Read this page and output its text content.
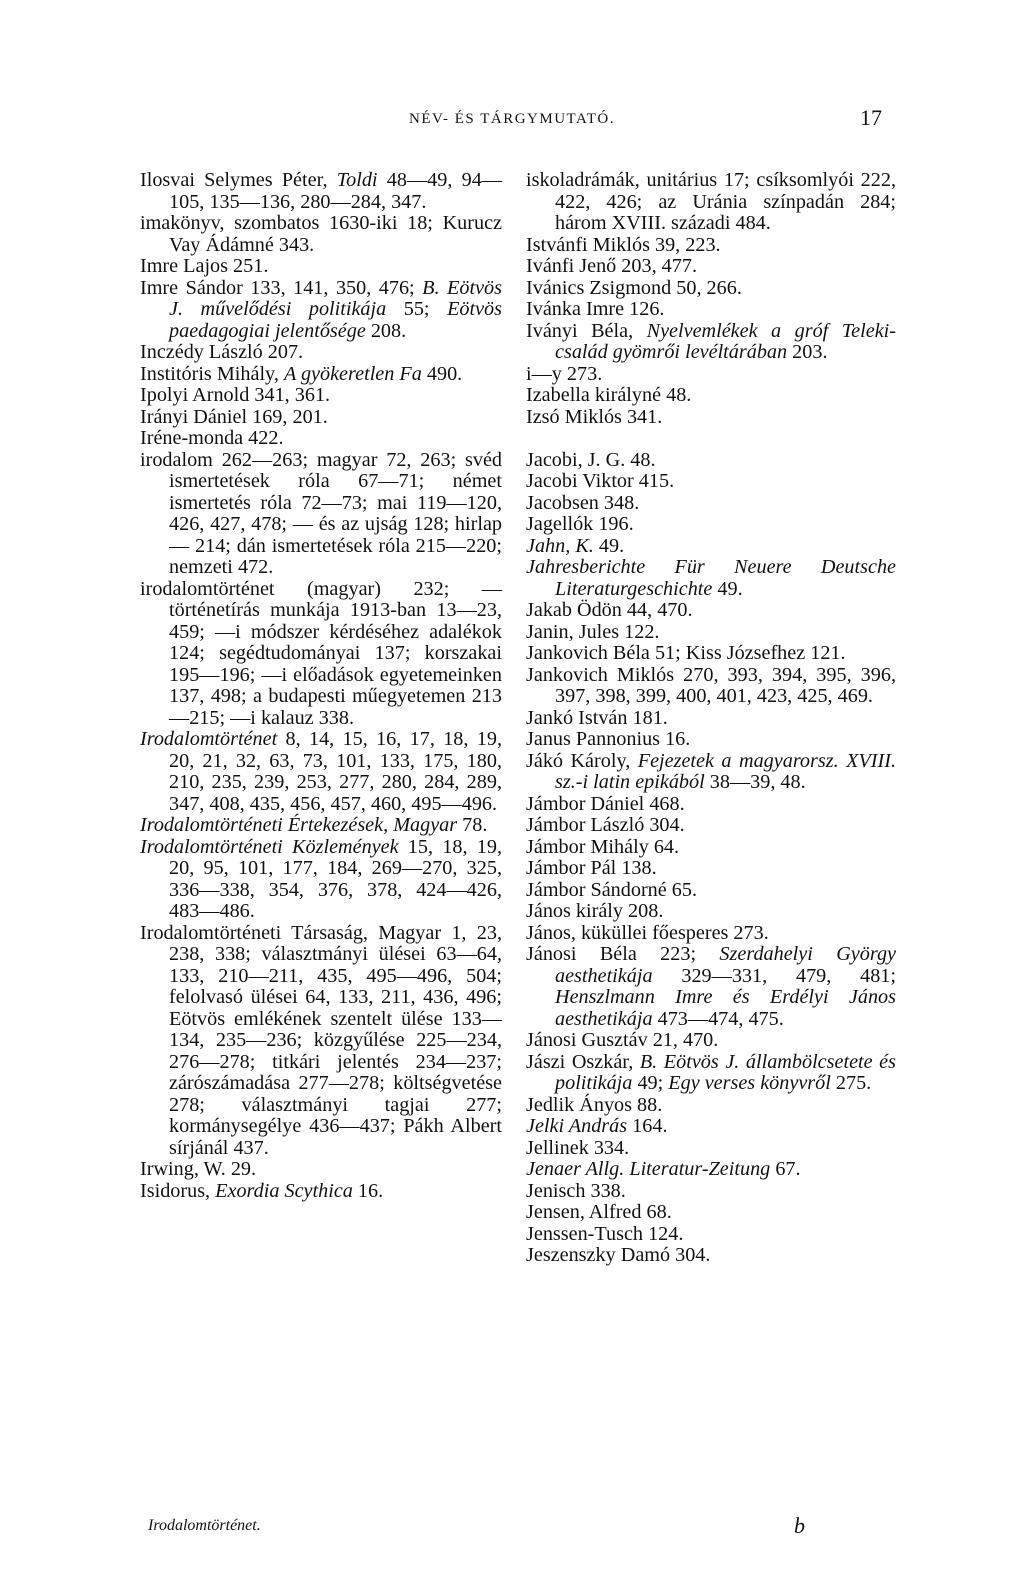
NÉV- ÉS TÁRGYMUTATÓ.	17

Ilosvai Selymes Péter, Toldi 48—49, 94—105, 135—136, 280—284, 347.

imakönyv, szombatos 1630-iki 18; Kurucz Vay Ádámné 343.

Imre Lajos 251.

Imre Sándor 133, 141, 350, 476; B. Eötvös J. művelődési politikája 55; Eötvös paedagogiai jelentősége 208.

Inczédy László 207.

Institóris Mihály, A gyökeretlen Fa 490.

Ipolyi Arnold 341, 361.

Irányi Dániel 169, 201.

Iréne-monda 422.

irodalom 262—263; magyar 72, 263; svéd ismertetések róla 67—71; német ismertetés róla 72—73; mai 119—120, 426, 427, 478; — és az ujság 128; hirlap — 214; dán ismertetések róla 215—220; nemzeti 472.

irodalomtörténet (magyar) 232; — történetírás munkája 1913-ban 13—23, 459; —i módszer kérdéséhez adalékok 124; segédtudományai 137; korszakai 195—196; —i előadások egyetemeinken 137, 498; a budapesti műegyetemen 213—215; —i kalauz 338.

Irodalomtörténet 8, 14, 15, 16, 17, 18, 19, 20, 21, 32, 63, 73, 101, 133, 175, 180, 210, 235, 239, 253, 277, 280, 284, 289, 347, 408, 435, 456, 457, 460, 495—496.

Irodalomtörténeti Értekezések, Magyar 78.

Irodalomtörténeti Közlemények 15, 18, 19, 20, 95, 101, 177, 184, 269—270, 325, 336—338, 354, 376, 378, 424—426, 483—486.

Irodalomtörténeti Társaság, Magyar 1, 23, 238, 338; választmányi ülései 63—64, 133, 210—211, 435, 495—496, 504; felolvasó ülései 64, 133, 211, 436, 496; Eötvös emlékének szentelt ülése 133—134, 235—236; közgyűlése 225—234, 276—278; titkári jelentés 234—237; zárószámadása 277—278; költségvetése 278; választmányi tagjai 277; kormánysegélye 436—437; Pákh Albert sírjánál 437.

Irwing, W. 29.

Isidorus, Exordia Scythica 16.

iskoladrámák, unitárius 17; csíksomlyói 222, 422, 426; az Uránia színpadán 284; három XVIII. századi 484.

Istvánfi Miklós 39, 223.

Ivánfi Jenő 203, 477.

Ivánics Zsigmond 50, 266.

Ivánka Imre 126.

Iványi Béla, Nyelvemlékek a gróf Teleki-család gyömrői levéltárában 203.

i—y 273.

Izabella királyné 48.

Izsó Miklós 341.

Jacobi, J. G. 48.

Jacobi Viktor 415.

Jacobsen 348.

Jagellók 196.

Jahn, K. 49.

Jahresberichte Für Neuere Deutsche Literaturgeschichte 49.

Jakab Ödön 44, 470.

Janin, Jules 122.

Jankovich Béla 51; Kiss Józsefhez 121.

Jankovich Miklós 270, 393, 394, 395, 396, 397, 398, 399, 400, 401, 423, 425, 469.

Jankó István 181.

Janus Pannonius 16.

Jákó Károly, Fejezetek a magyarorsz. XVIII. sz.-i latin epikából 38—39, 48.

Jámbor Dániel 468.

Jámbor László 304.

Jámbor Mihály 64.

Jámbor Pál 138.

Jámbor Sándorné 65.

János király 208.

János, küküllei főesperes 273.

Jánosi Béla 223; Szerdahelyi György aesthetikája 329—331, 479, 481; Henszlmann Imre és Erdélyi János aesthetikája 473—474, 475.

Jánosi Gusztáv 21, 470.

Jászi Oszkár, B. Eötvös J. állambölcsetete és politikája 49; Egy verses könyvről 275.

Jedlik Ányos 88.

Jelki András 164.

Jellinek 334.

Jenaer Allg. Literatur-Zeitung 67.

Jenisch 338.

Jensen, Alfred 68.

Jenssen-Tusch 124.

Jeszenszky Damó 304.

Irodalomtörténet.	b
